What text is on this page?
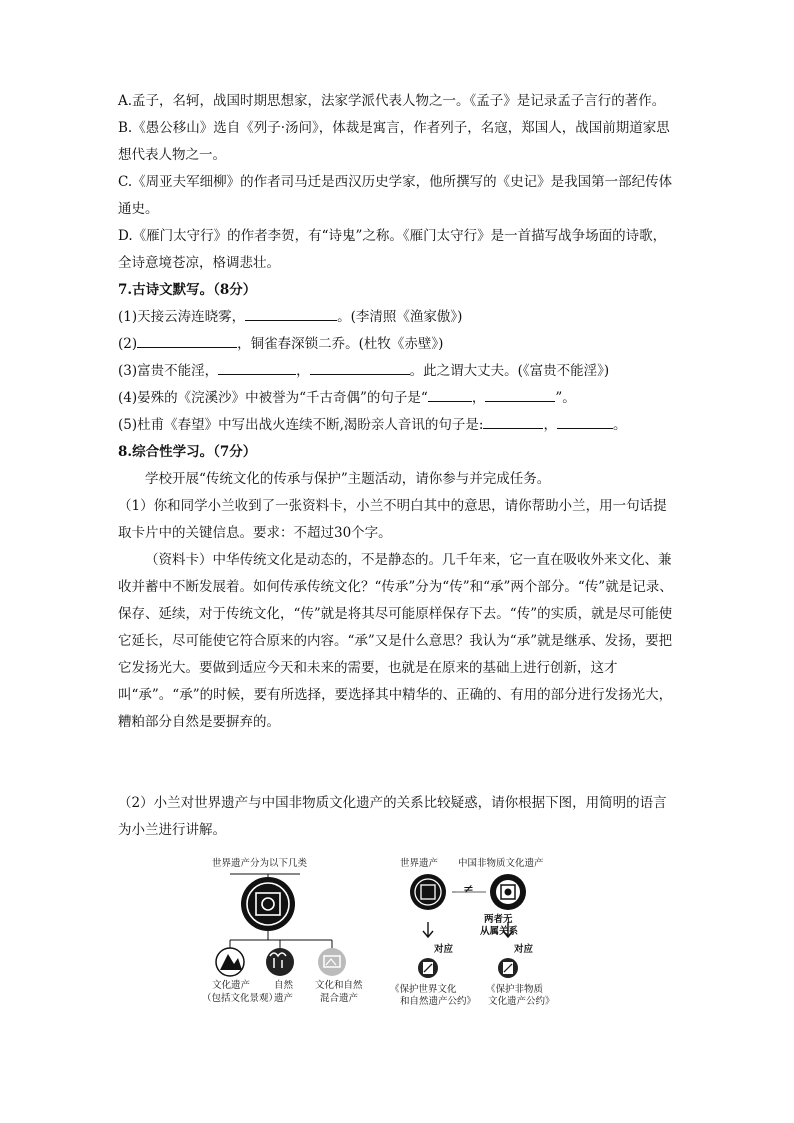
A.孟子，名轲，战国时期思想家，法家学派代表人物之一。《孟子》是记录孟子言行的著作。

B.《愚公移山》选自《列子·汤问》，体裁是寓言，作者列子，名寇，郑国人，战国前期道家思想代表人物之一。

C.《周亚夫军细柳》的作者司马迁是西汉历史学家，他所撰写的《史记》是我国第一部纪传体通史。

D.《雁门太守行》的作者李贺，有“诗鬼”之称。《雁门太守行》是一首描写战争场面的诗歌，全诗意境苍凉，格调悲壮。

7.古诗文默写。（8分）

(1)天接云涛连晓雾，	。(李清照《渔家傲》)

(2)	，铜雀春深锁二乔。(杜牧《赤壁》)

(3)富贵不能淫，	，	。此之谓大丈夫。(《富贵不能淫》)

(4)晏殊的《浣溪沙》中被誉为“千古奇偶”的句子是“	，	”。

(5)杜甫《春望》中写出战火连续不断,渴盼亲人音讯的句子是:	，	。

8.综合性学习。（7分）

学校开展“传统文化的传承与保护”主题活动，请你参与并完成任务。

（1）你和同学小兰收到了一张资料卡，小兰不明白其中的意思，请你帮助小兰，用一句话提取卡片中的关键信息。要求：不超过30个字。

（资料卡）中华传统文化是动态的，不是静态的。几千年来，它一直在吸收外来文化、兼收并蓄中不断发展着。如何传承传统文化？“传承”分为“传”和“承”两个部分。“传”就是记录、保存、延续，对于传统文化，“传”就是将其尽可能原样保存下去。“传”的实质，就是尽可能使它延长，尽可能使它符合原来的内容。“承”又是什么意思？我认为“承”就是继承、发扬，要把它发扬光大。要做到适应今天和未来的需要，也就是在原来的基础上进行创新，这才叫“承”。“承”的时候，要有所选择，要选择其中精华的、正确的、有用的部分进行发扬光大，糟粕部分自然是要摒弃的。

（2）小兰对世界遗产与中国非物质文化遗产的关系比较疑惑，请你根据下图，用简明的语言为小兰进行讲解。

世界遗产分为以下几类
文化遗产
（包括文化景观）
自然
遗产
文化和自然
混合遗产
世界遗产 中国非物质文化遗产
≠
两者无
从属关系
对应	对应
《保护世界文化
和自然遗产公约》
《保护非物质
文化遗产公约》
